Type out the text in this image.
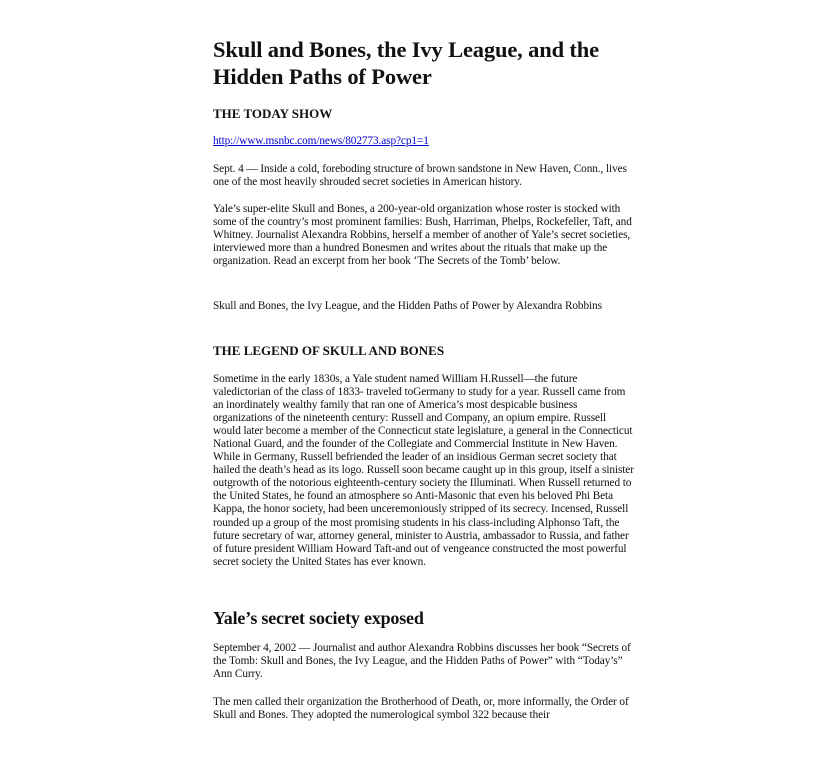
Skull and Bones, the Ivy League, and the Hidden Paths of Power
THE TODAY SHOW

http://www.msnbc.com/news/802773.asp?cp1=1

Sept. 4 — Inside a cold, foreboding structure of brown sandstone in New Haven, Conn., lives one of the most heavily shrouded secret societies in American history.

Yale’s super-elite Skull and Bones, a 200-year-old organization whose roster is stocked with some of the country’s most prominent families: Bush, Harriman, Phelps, Rockefeller, Taft, and Whitney. Journalist Alexandra Robbins, herself a member of another of Yale’s secret societies, interviewed more than a hundred Bonesmen and writes about the rituals that make up the organization. Read an excerpt from her book ‘The Secrets of the Tomb’ below.

Skull and Bones, the Ivy League, and the Hidden Paths of Power by Alexandra Robbins

THE LEGEND OF SKULL AND BONES

Sometime in the early 1830s, a Yale student named William H.Russell—the future valedictorian of the class of 1833- traveled toGermany to study for a year. Russell came from an inordinately wealthy family that ran one of America’s most despicable business organizations of the nineteenth century: Russell and Company, an opium empire. Russell would later become a member of the Connecticut state legislature, a general in the Connecticut National Guard, and the founder of the Collegiate and Commercial Institute in New Haven. While in Germany, Russell befriended the leader of an insidious German secret society that hailed the death’s head as its logo. Russell soon became caught up in this group, itself a sinister outgrowth of the notorious eighteenth-century society the Illuminati. When Russell returned to the United States, he found an atmosphere so Anti-Masonic that even his beloved Phi Beta Kappa, the honor society, had been unceremoniously stripped of its secrecy. Incensed, Russell rounded up a group of the most promising students in his class-including Alphonso Taft, the future secretary of war, attorney general, minister to Austria, ambassador to Russia, and father of future president William Howard Taft-and out of vengeance constructed the most powerful secret society the United States has ever known.

Yale’s secret society exposed

September 4, 2002 — Journalist and author Alexandra Robbins discusses her book “Secrets of the Tomb: Skull and Bones, the Ivy League, and the Hidden Paths of Power” with “Today’s” Ann Curry.

The men called their organization the Brotherhood of Death, or, more informally, the Order of Skull and Bones. They adopted the numerological symbol 322 because their
